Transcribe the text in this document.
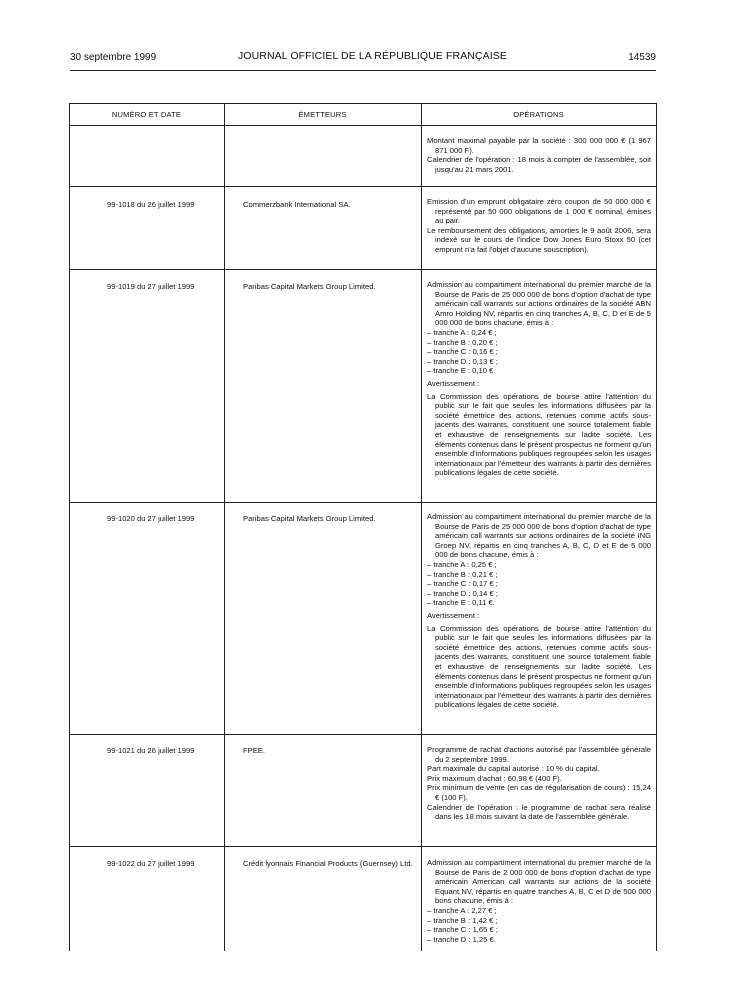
30 septembre 1999	JOURNAL OFFICIEL DE LA RÉPUBLIQUE FRANÇAISE	14539
NUMÉRO ET DATE	ÉMETTEURS	OPÉRATIONS

Montant maximal payable par la société : 300 000 000 € (1 967 871 000 F).

Calendrier de l'opération : 18 mois à compter de l'assemblée, soit jusqu'au 21 mars 2001.

99-1018 du 26 juillet 1999	Commerzbank International SA.	Emission d'un emprunt obligataire zéro coupon de 50 000 000 € représenté par 50 000 obligations de 1 000 € nominal, émises au pair.

Le remboursement des obligations, amorties le 9 août 2006, sera indexé sur le cours de l'indice Dow Jones Euro Stoxx 50 (cet emprunt n'a fait l'objet d'aucune souscription).

99-1019 du 27 juillet 1999	Paribas Capital Markets Group Limited.	Admission au compartiment international du premier marché de la Bourse de Paris de 25 000 000 de bons d'option d'achat de type américain call warrants sur actions ordinaires de la société ABN Amro Holding NV, répartis en cinq tranches A, B, C, D et E de 5 000 000 de bons chacune, émis à :

– tranche A : 0,24 € ;
– tranche B : 0,20 € ;
– tranche C : 0,16 € ;
– tranche D : 0,13 € ;
– tranche E : 0,10 €.

Avertissement :

La Commission des opérations de bourse attire l'attention du public sur le fait que seules les informations diffusées par la société émettrice des actions, retenues comme actifs sous-jacents des warrants, constituent une source totalement fiable et exhaustive de renseignements sur ladite société. Les éléments contenus dans le présent prospectus ne forment qu'un ensemble d'informations publiques regroupées selon les usages internationaux par l'émetteur des warrants à partir des dernières publications légales de cette société.

99-1020 du 27 juillet 1999	Paribas Capital Markets Group Limited.	Admission au compartiment international du premier marché de la Bourse de Paris de 25 000 000 de bons d'option d'achat de type américain call warrants sur actions ordinaires de la société ING Groep NV, répartis en cinq tranches A, B, C, D et E de 5 000 000 de bons chacune, émis à :

– tranche A : 0,25 € ;
– tranche B : 0,21 € ;
– tranche C : 0,17 € ;
– tranche D : 0,14 € ;
– tranche E : 0,11 €.

Avertissement :

La Commission des opérations de bourse attire l'attention du public sur le fait que seules les informations diffusées par la société émettrice des actions, retenues comme actifs sous-jacents des warrants, constituent une source totalement fiable et exhaustive de renseignements sur ladite société. Les éléments contenus dans le présent prospectus ne forment qu'un ensemble d'informations publiques regroupées selon les usages internationaux par l'émetteur des warrants à partir des dernières publications légales de cette société.

99-1021 du 26 juillet 1999	FPEE.	Programme de rachat d'actions autorisé par l'assemblée générale du 2 septembre 1999.

Part maximale du capital autorisé : 10 % du capital.

Prix maximum d'achat : 60,98 € (400 F).

Prix minimum de vente (en cas de régularisation de cours) : 15,24 € (100 F).

Calendrier de l'opération : le programme de rachat sera réalisé dans les 18 mois suivant la date de l'assemblée générale.

99-1022 du 27 juillet 1999	Crédit lyonnais Financial Products (Guernsey) Ltd.	Admission au compartiment international du premier marché de la Bourse de Paris de 2 000 000 de bons d'option d'achat de type américain American call warrants sur actions de la société Equant NV, répartis en quatre tranches A, B, C et D de 500 000 bons chacune, émis à :

– tranche A : 2,27 € ;
– tranche B : 1,42 € ;
– tranche C : 1,65 € ;
– tranche D : 1,25 €.
